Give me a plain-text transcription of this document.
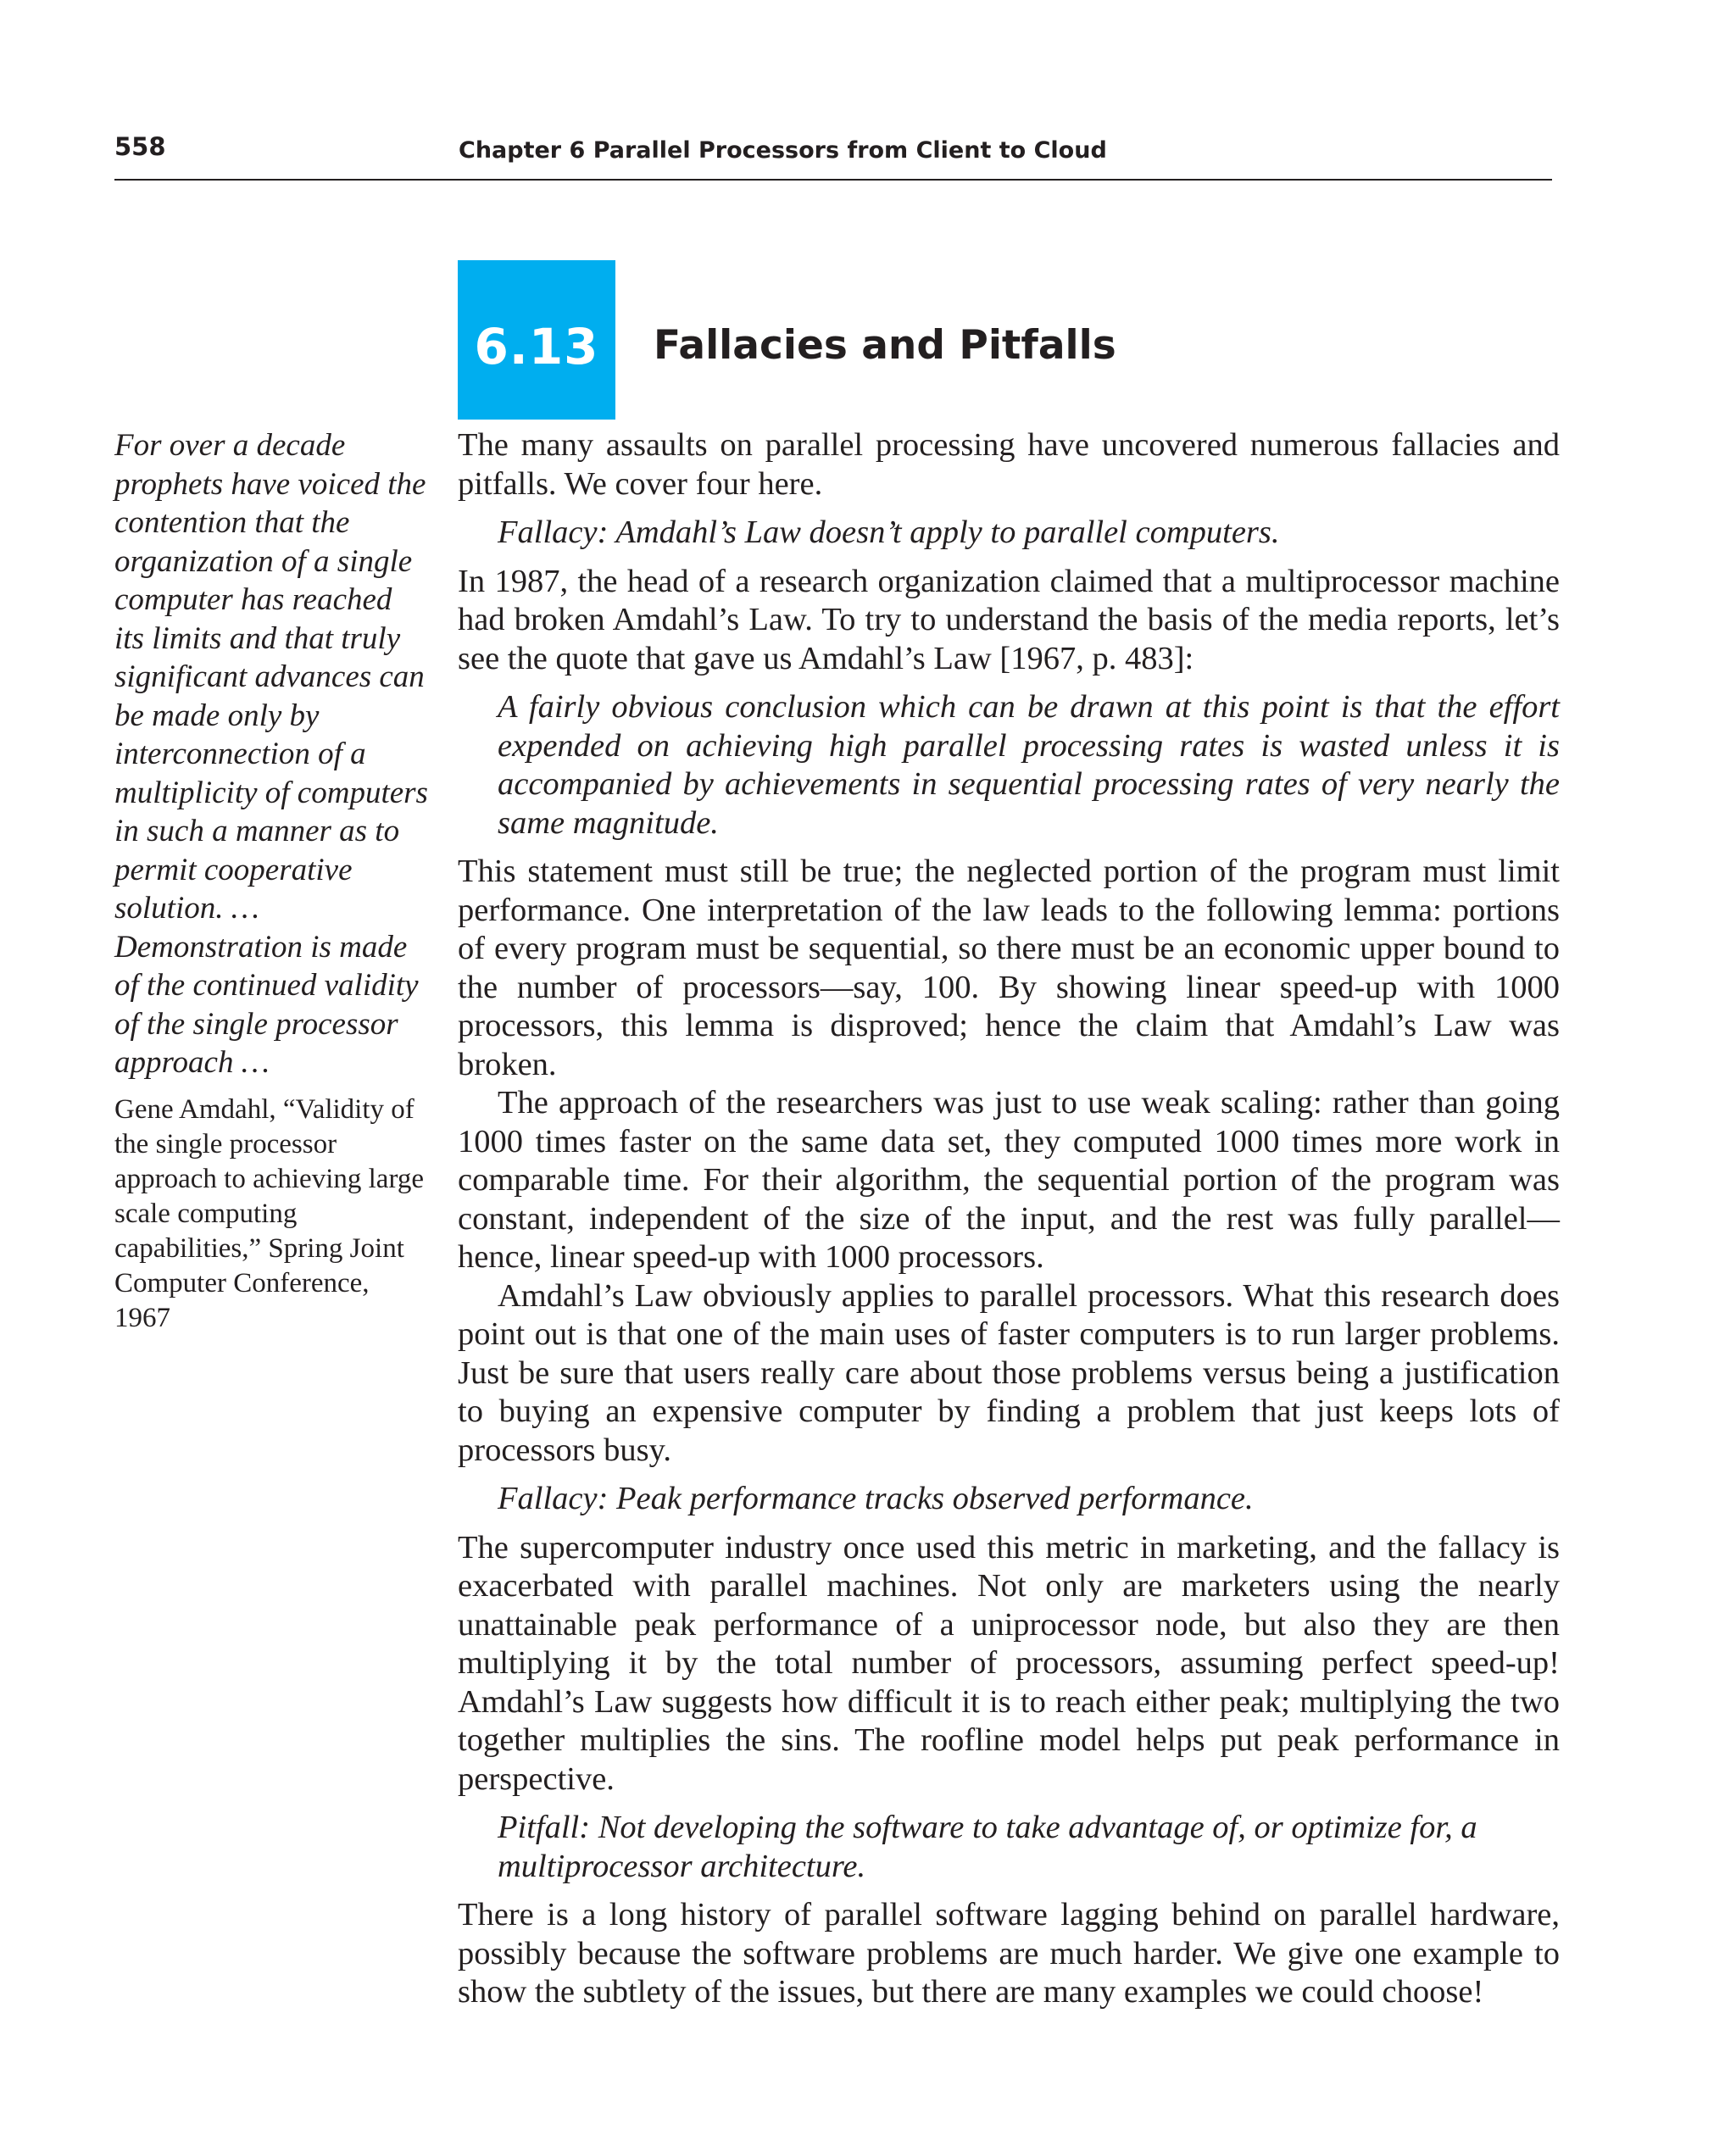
558	Chapter 6 Parallel Processors from Client to Cloud
6.13	Fallacies and Pitfalls

For over a decade prophets have voiced the contention that the organization of a single computer has reached its limits and that truly significant advances can be made only by interconnection of a multiplicity of computers in such a manner as to permit cooperative solution. …Demonstration is made of the continued validity of the single processor approach …

Gene Amdahl, “Validity of the single processor approach to achieving large scale computing capabilities,” Spring Joint Computer Conference, 1967

The many assaults on parallel processing have uncovered numerous fallacies and pitfalls. We cover four here.

Fallacy: Amdahl’s Law doesn’t apply to parallel computers.

In 1987, the head of a research organization claimed that a multiprocessor machine had broken Amdahl’s Law. To try to understand the basis of the media reports, let’s see the quote that gave us Amdahl’s Law [1967, p. 483]:

A fairly obvious conclusion which can be drawn at this point is that the effort expended on achieving high parallel processing rates is wasted unless it is accompanied by achievements in sequential processing rates of very nearly the same magnitude.

This statement must still be true; the neglected portion of the program must limit performance. One interpretation of the law leads to the following lemma: portions of every program must be sequential, so there must be an economic upper bound to the number of processors—say, 100. By showing linear speed-up with 1000 processors, this lemma is disproved; hence the claim that Amdahl’s Law was broken.

The approach of the researchers was just to use weak scaling: rather than going 1000 times faster on the same data set, they computed 1000 times more work in comparable time. For their algorithm, the sequential portion of the program was constant, independent of the size of the input, and the rest was fully parallel—hence, linear speed-up with 1000 processors.

Amdahl’s Law obviously applies to parallel processors. What this research does point out is that one of the main uses of faster computers is to run larger problems. Just be sure that users really care about those problems versus being a justification to buying an expensive computer by finding a problem that just keeps lots of processors busy.

Fallacy: Peak performance tracks observed performance.

The supercomputer industry once used this metric in marketing, and the fallacy is exacerbated with parallel machines. Not only are marketers using the nearly unattainable peak performance of a uniprocessor node, but also they are then multiplying it by the total number of processors, assuming perfect speed-up! Amdahl’s Law suggests how difficult it is to reach either peak; multiplying the two together multiplies the sins. The roofline model helps put peak performance in perspective.

Pitfall: Not developing the software to take advantage of, or optimize for, a multiprocessor architecture.

There is a long history of parallel software lagging behind on parallel hardware, possibly because the software problems are much harder. We give one example to show the subtlety of the issues, but there are many examples we could choose!
